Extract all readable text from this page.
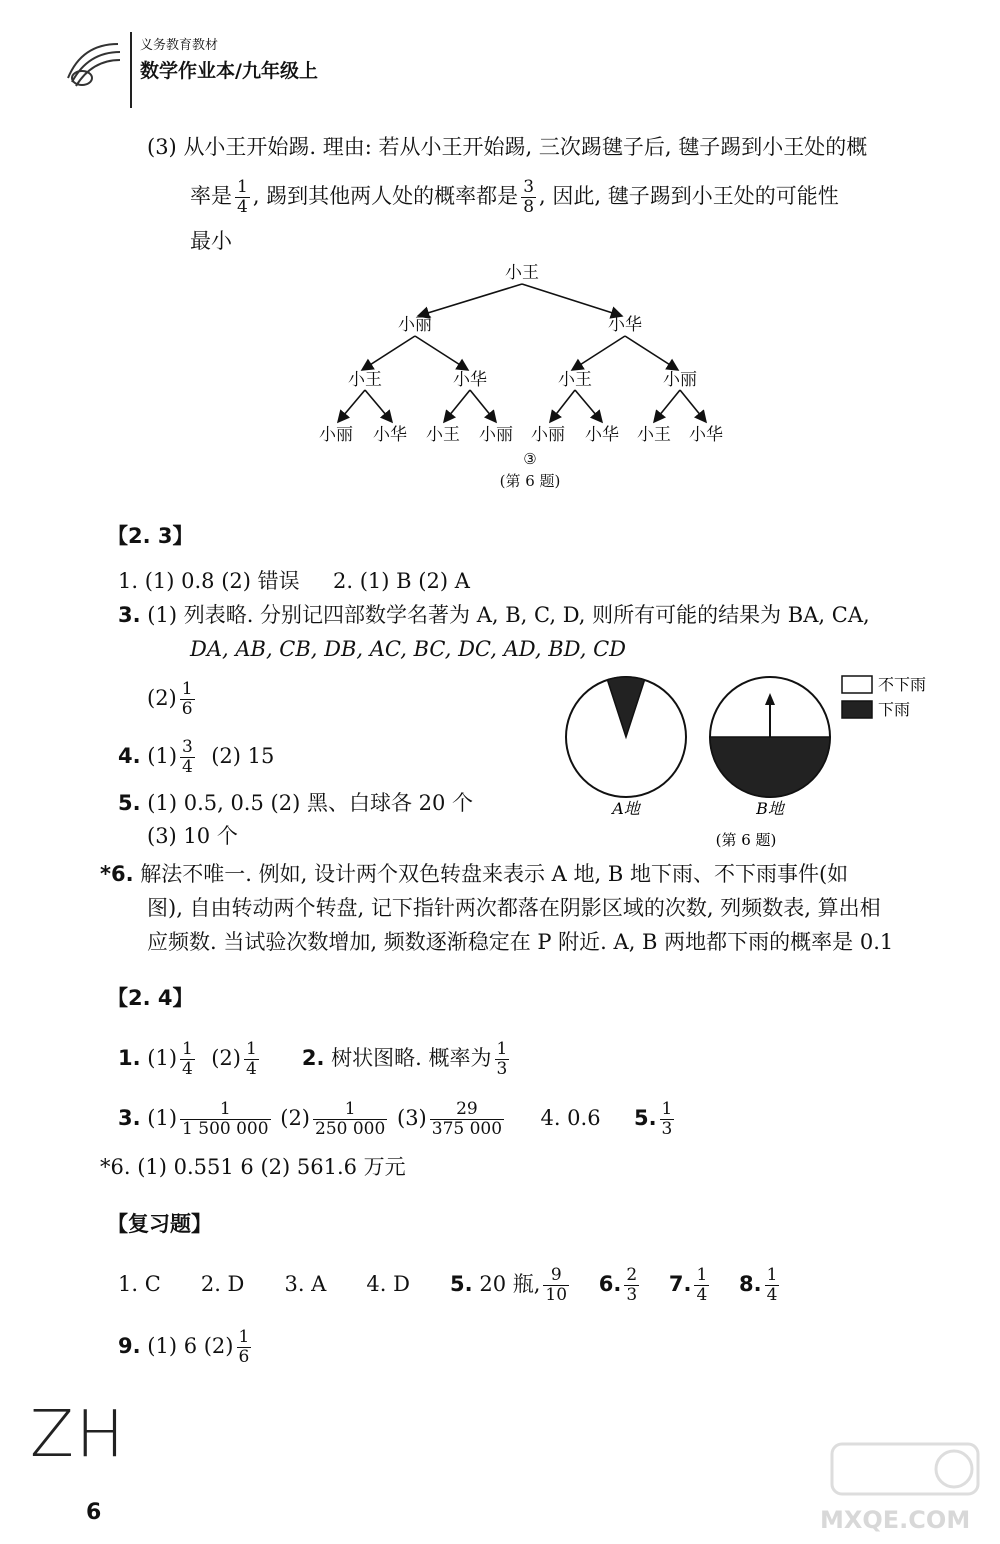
义务教育教材
数学作业本/九年级上
(3) 从小王开始踢. 理由: 若从小王开始踢, 三次踢毽子后, 毽子踢到小王处的概
率是 $\frac{1}{4}$ , 踢到其他两人处的概率都是 $\frac{3}{8}$ , 因此, 毽子踢到小王处的可能性
最小
小王
小丽	小华
小王	小华	小王	小丽
小丽 小华 小王 小丽 小丽 小华 小王 小华
③
(第 6 题)
【2. 3】
1. (1) 0.8 (2) 错误 2. (1) B (2) A
3. (1) 列表略. 分别记四部数学名著为 A, B, C, D, 则所有可能的结果为 BA, CA,
DA, AB, CB, DB, AC, BC, DC, AD, BD, CD
$(2) \frac{1}{6}$
4. $(1) \frac{3}{4} (2)$ 15
5. (1) 0.5, 0.5 (2) 黑、白球各 20 个
(3) 10 个
A地	B地
不下雨
下雨
(第 6 题)
*6. 解法不唯一. 例如, 设计两个双色转盘来表示 A 地, B 地下雨、不下雨事件(如
图), 自由转动两个转盘, 记下指针两次都落在阴影区域的次数, 列频数表, 算出相
应频数. 当试验次数增加, 频数逐渐稳定在 P 附近. A, B 两地都下雨的概率是 0.1
【2. 4】
1. $(1) \frac{1}{4} (2) \frac{1}{4} 2$. 树状图略. 概率为 $\frac{1}{3}$
3. $(1) \frac{1}{1 500 000} (2) \frac{1}{250 000} (3) \frac{29}{375 000} 4$. 0.6 5. $\frac{1}{3}$
*6. (1) 0.551 6 (2) 561.6 万元
【复习题】
1. C 2. D 3. A 4. D 5. 20 瓶, $\frac{9}{10} 6$. $\frac{2}{3} 7$. $\frac{1}{4} 8$. $\frac{1}{4}$
9. (1) 6 $(2) \frac{1}{6}$
ZH
6	MXQE.COM
